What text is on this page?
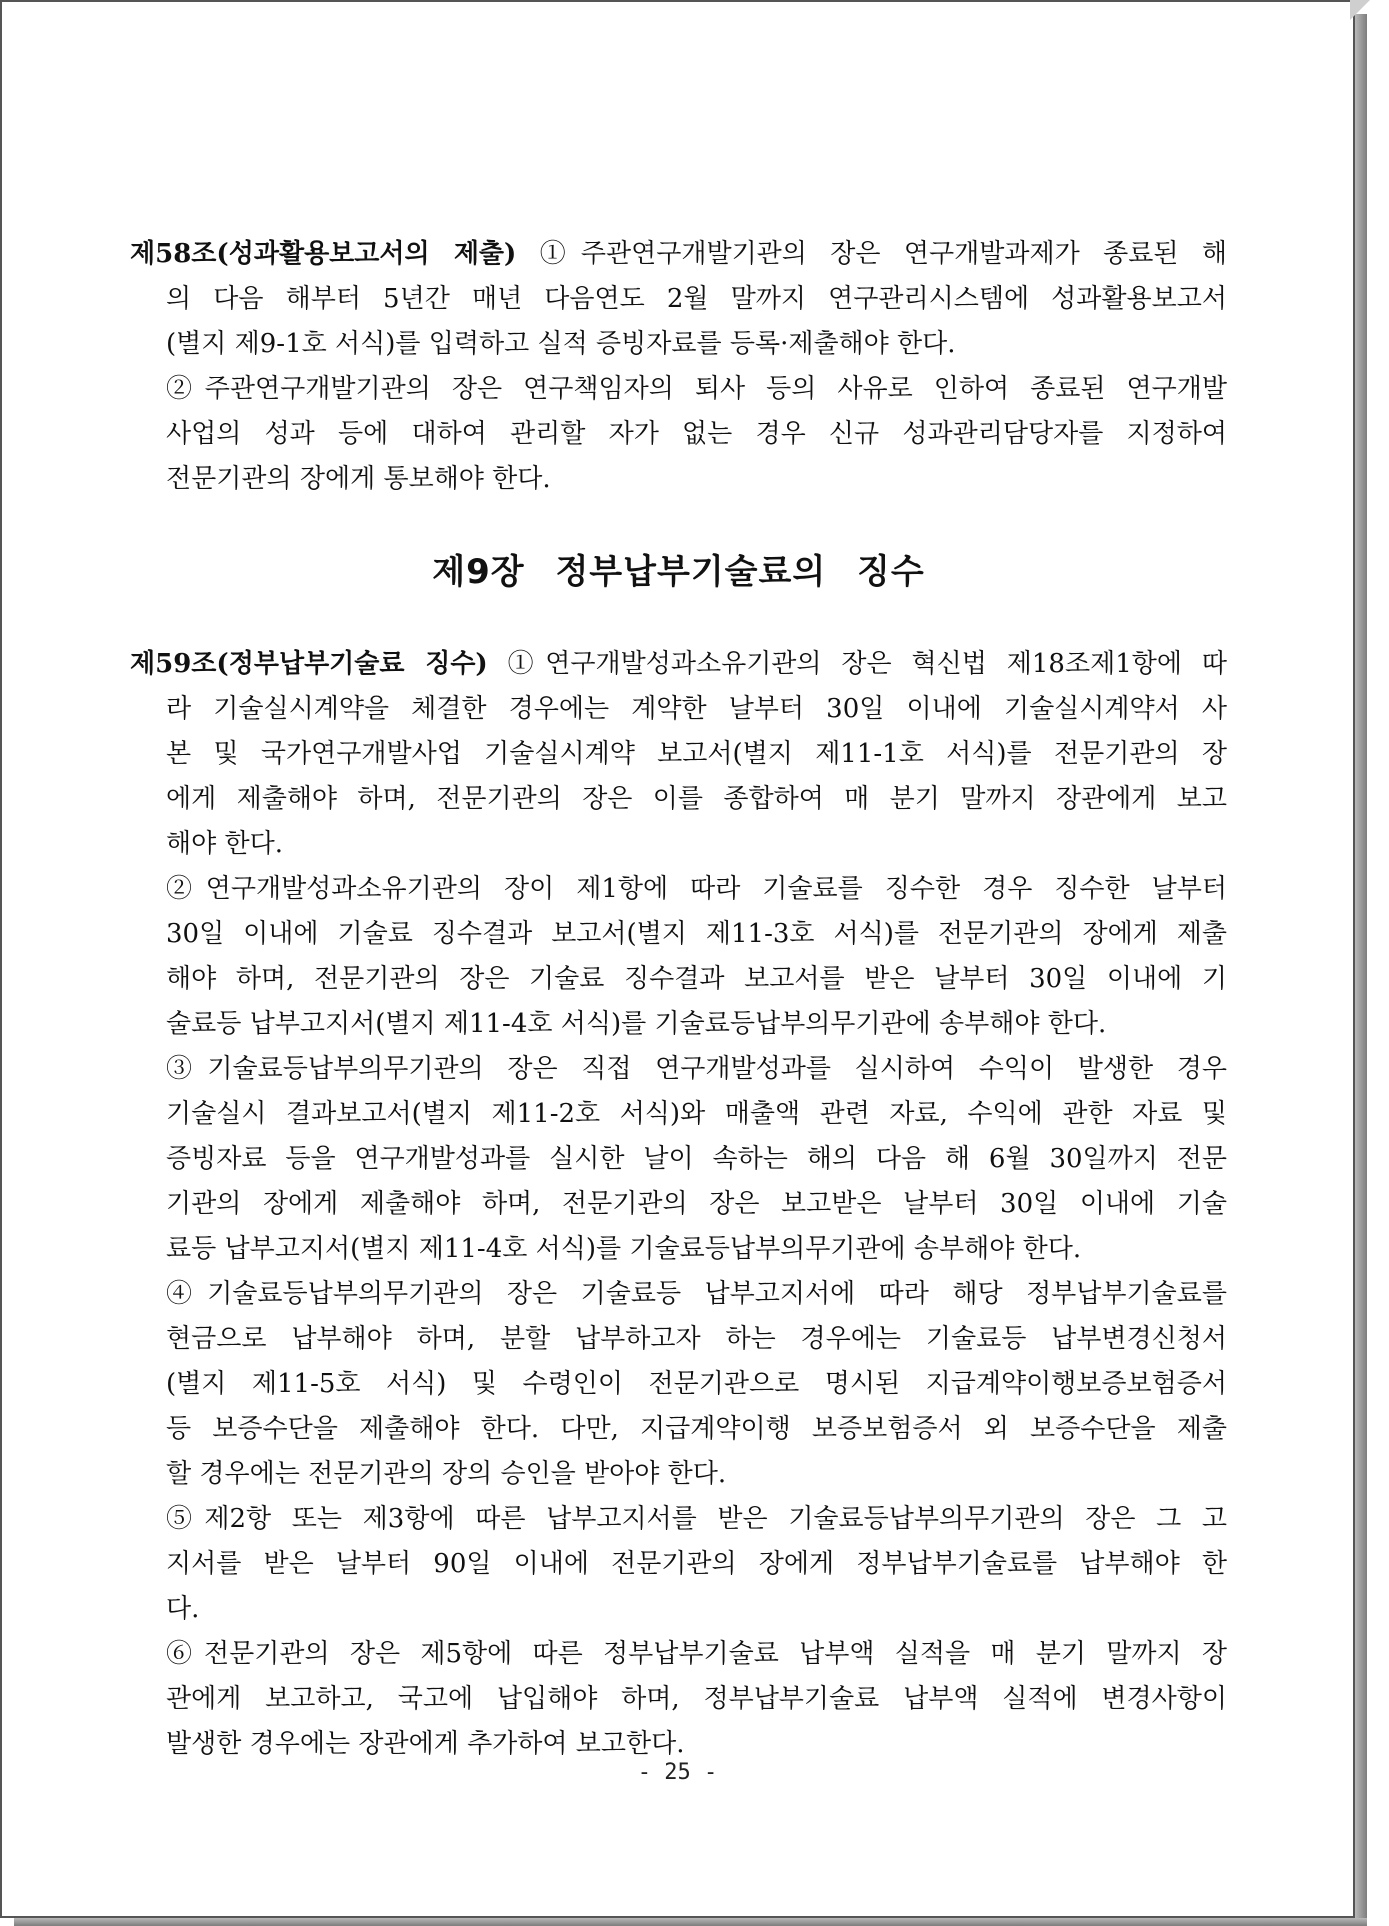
제58조(성과활용보고서의 제출) ①주관연구개발기관의 장은 연구개발과제가 종료된 해
의 다음 해부터 5년간 매년 다음연도 2월 말까지 연구관리시스템에 성과활용보고서
(별지 제9-1호 서식)를 입력하고 실적 증빙자료를 등록·제출해야 한다.
②주관연구개발기관의 장은 연구책임자의 퇴사 등의 사유로 인하여 종료된 연구개발
사업의 성과 등에 대하여 관리할 자가 없는 경우 신규 성과관리담당자를 지정하여
전문기관의 장에게 통보해야 한다.
제9장 정부납부기술료의 징수
제59조(정부납부기술료 징수) ①연구개발성과소유기관의 장은 혁신법 제18조제1항에 따
라 기술실시계약을 체결한 경우에는 계약한 날부터 30일 이내에 기술실시계약서 사
본 및 국가연구개발사업 기술실시계약 보고서(별지 제11-1호 서식)를 전문기관의 장
에게 제출해야 하며, 전문기관의 장은 이를 종합하여 매 분기 말까지 장관에게 보고
해야 한다.
②연구개발성과소유기관의 장이 제1항에 따라 기술료를 징수한 경우 징수한 날부터
30일 이내에 기술료 징수결과 보고서(별지 제11-3호 서식)를 전문기관의 장에게 제출
해야 하며, 전문기관의 장은 기술료 징수결과 보고서를 받은 날부터 30일 이내에 기
술료등 납부고지서(별지 제11-4호 서식)를 기술료등납부의무기관에 송부해야 한다.
③기술료등납부의무기관의 장은 직접 연구개발성과를 실시하여 수익이 발생한 경우
기술실시 결과보고서(별지 제11-2호 서식)와 매출액 관련 자료, 수익에 관한 자료 및
증빙자료 등을 연구개발성과를 실시한 날이 속하는 해의 다음 해 6월 30일까지 전문
기관의 장에게 제출해야 하며, 전문기관의 장은 보고받은 날부터 30일 이내에 기술
료등 납부고지서(별지 제11-4호 서식)를 기술료등납부의무기관에 송부해야 한다.
④기술료등납부의무기관의 장은 기술료등 납부고지서에 따라 해당 정부납부기술료를
현금으로 납부해야 하며, 분할 납부하고자 하는 경우에는 기술료등 납부변경신청서
(별지 제11-5호 서식) 및 수령인이 전문기관으로 명시된 지급계약이행보증보험증서
등 보증수단을 제출해야 한다. 다만, 지급계약이행 보증보험증서 외 보증수단을 제출
할 경우에는 전문기관의 장의 승인을 받아야 한다.
⑤제2항 또는 제3항에 따른 납부고지서를 받은 기술료등납부의무기관의 장은 그 고
지서를 받은 날부터 90일 이내에 전문기관의 장에게 정부납부기술료를 납부해야 한
다.
⑥전문기관의 장은 제5항에 따른 정부납부기술료 납부액 실적을 매 분기 말까지 장
관에게 보고하고, 국고에 납입해야 하며, 정부납부기술료 납부액 실적에 변경사항이
발생한 경우에는 장관에게 추가하여 보고한다.
- 25 -
